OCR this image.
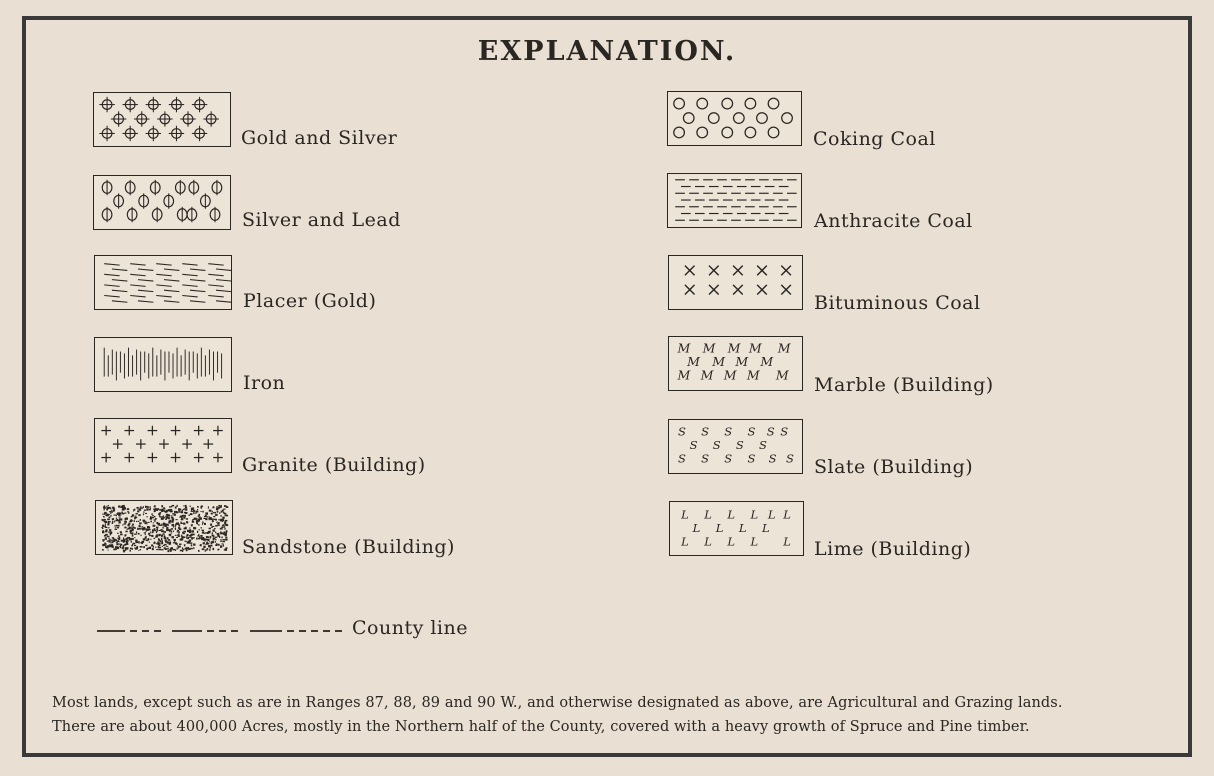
EXPLANATION.
Gold and Silver
Silver and Lead
Placer (Gold)
Iron
Granite (Building)
Sandstone (Building)
Coking Coal
Anthracite Coal
Bituminous Coal
M M M M M
M M M M
M M M M M Marble (Building)
S S S S S S
S S S S
S S S S S S Slate (Building)
L L L L L L
L L L L
L L L L L Lime (Building)
County line
Most lands, except such as are in Ranges 87, 88, 89 and 90 W., and otherwise designated as above, are Agricultural and Grazing lands.
There are about 400,000 Acres, mostly in the Northern half of the County, covered with a heavy growth of Spruce and Pine timber.
